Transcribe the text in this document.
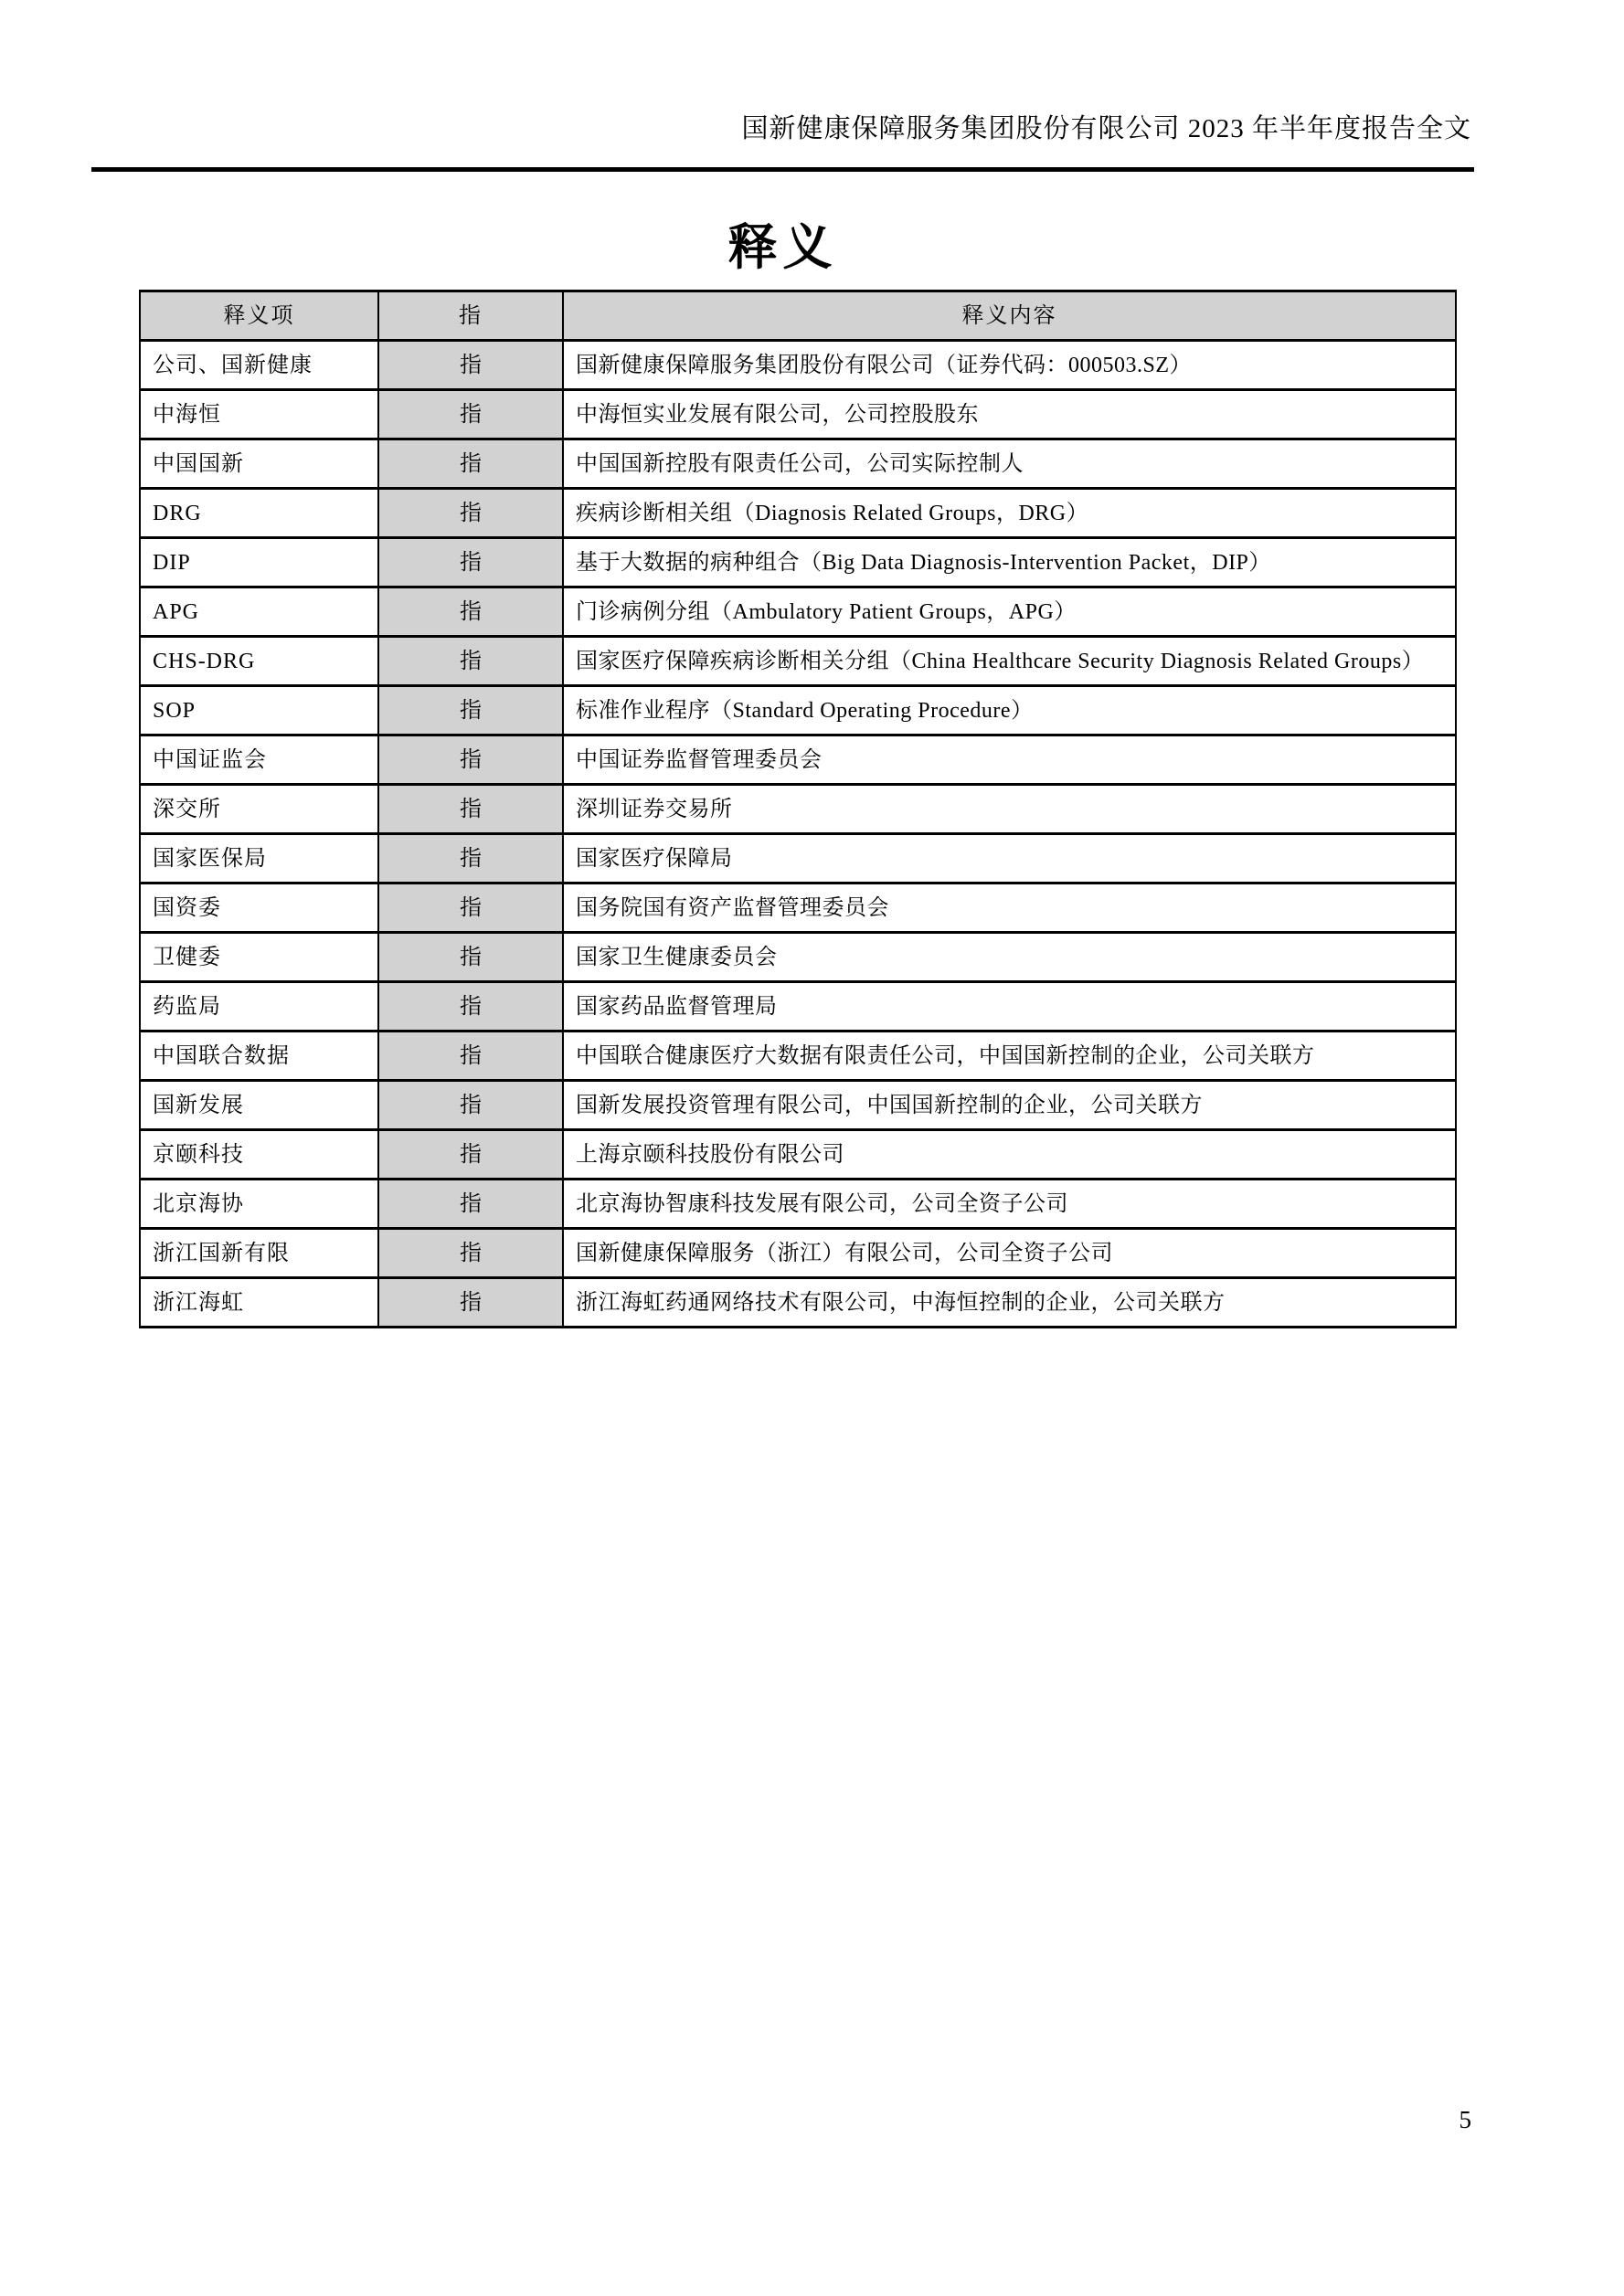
国新健康保障服务集团股份有限公司 2023 年半年度报告全文
释义
释义项	指	释义内容
公司、国新健康	指	国新健康保障服务集团股份有限公司（证券代码：000503.SZ）
中海恒	指	中海恒实业发展有限公司，公司控股股东
中国国新	指	中国国新控股有限责任公司，公司实际控制人
DRG	指	疾病诊断相关组（Diagnosis Related Groups，DRG）
DIP	指	基于大数据的病种组合（Big Data Diagnosis-Intervention Packet，DIP）
APG	指	门诊病例分组（Ambulatory Patient Groups，APG）
CHS-DRG	指	国家医疗保障疾病诊断相关分组（China Healthcare Security Diagnosis Related Groups）
SOP	指	标准作业程序（Standard Operating Procedure）
中国证监会	指	中国证券监督管理委员会
深交所	指	深圳证券交易所
国家医保局	指	国家医疗保障局
国资委	指	国务院国有资产监督管理委员会
卫健委	指	国家卫生健康委员会
药监局	指	国家药品监督管理局
中国联合数据	指	中国联合健康医疗大数据有限责任公司，中国国新控制的企业，公司关联方
国新发展	指	国新发展投资管理有限公司，中国国新控制的企业，公司关联方
京颐科技	指	上海京颐科技股份有限公司
北京海协	指	北京海协智康科技发展有限公司，公司全资子公司
浙江国新有限	指	国新健康保障服务（浙江）有限公司，公司全资子公司
浙江海虹	指	浙江海虹药通网络技术有限公司，中海恒控制的企业，公司关联方
5
